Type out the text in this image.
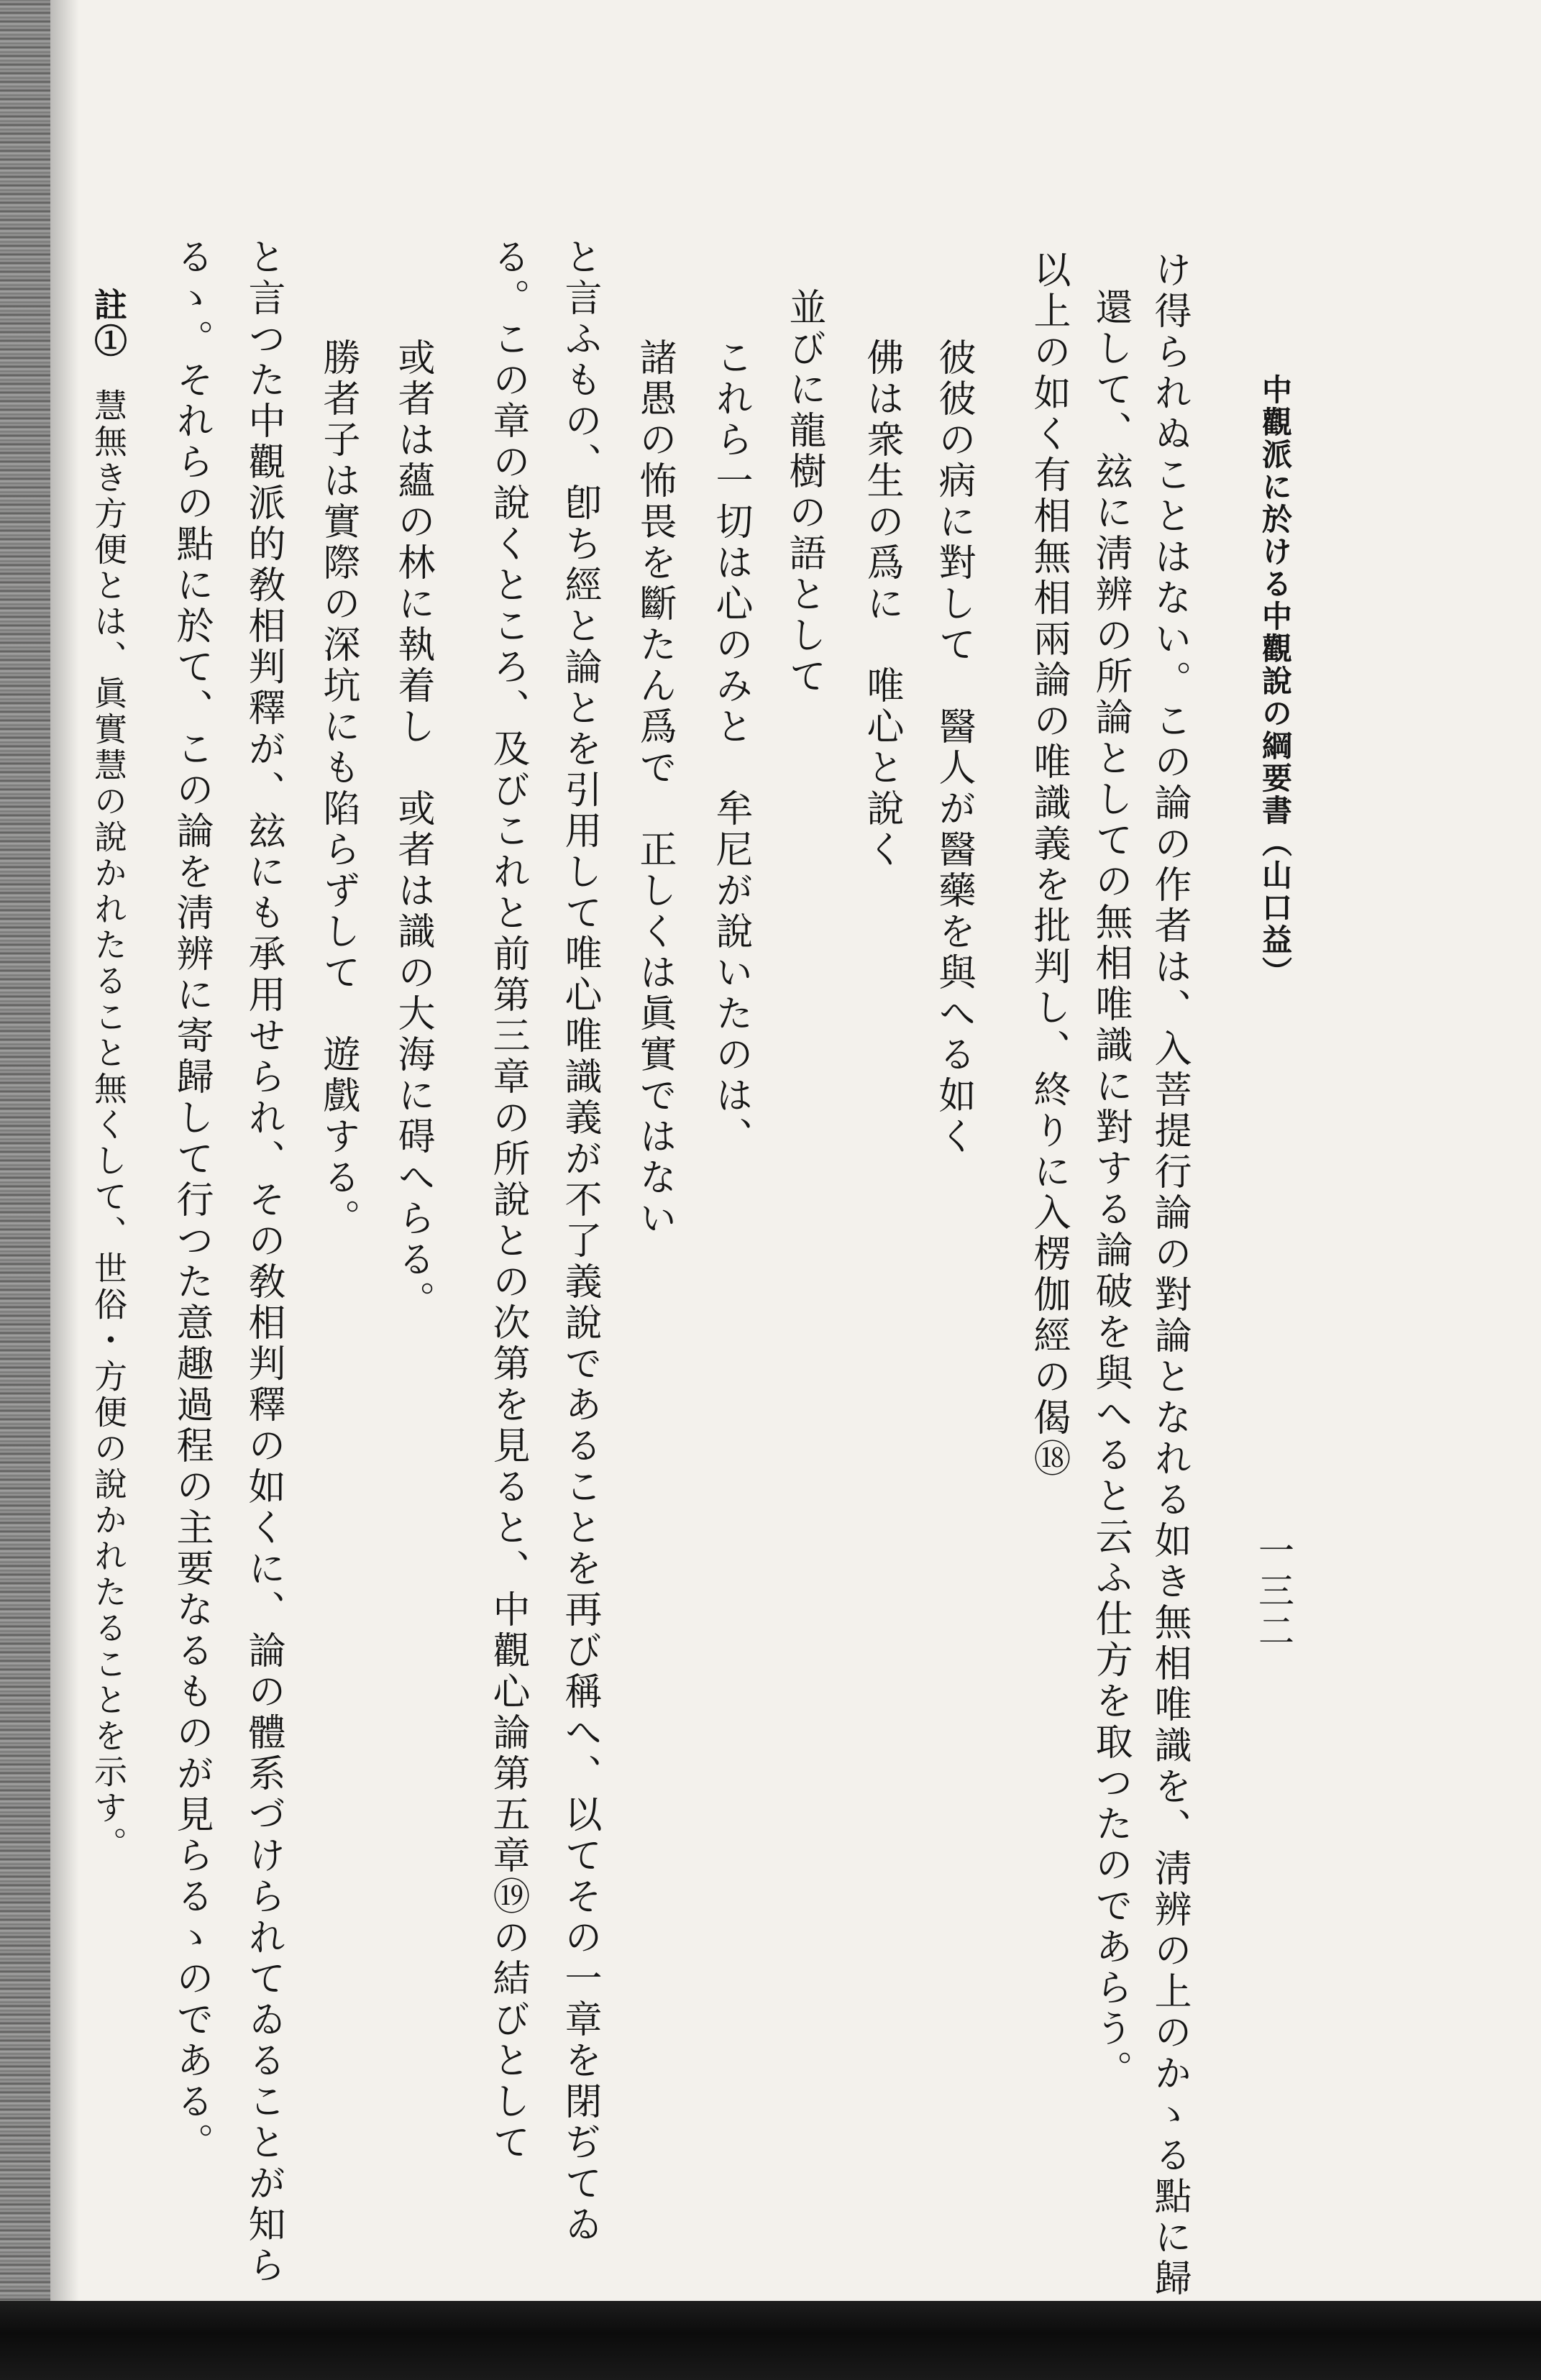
中觀派に於ける中觀說の綱要書（山口益）
一三二
け得られぬことはない。この論の作者は、入菩提行論の對論となれる如き無相唯識を、淸辨の上のかゝる點に歸
還して、玆に淸辨の所論としての無相唯識に對する論破を與へると云ふ仕方を取つたのであらう。
以上の如く有相無相兩論の唯識義を批判し、終りに入楞伽經の偈⑱
彼彼の病に對して　醫人が醫藥を與へる如く
佛は衆生の爲に　唯心と說く
並びに龍樹の語として
これら一切は心のみと　牟尼が說いたのは、
諸愚の怖畏を斷たん爲で　正しくは眞實ではない
と言ふもの、卽ち經と論とを引用して唯心唯識義が不了義說であることを再び稱へ、以てその一章を閉ぢてゐ
る。この章の說くところ、及びこれと前第三章の所說との次第を見ると、中觀心論第五章⑲の結びとして
或者は蘊の林に執着し　或者は識の大海に碍へらる。
勝者子は實際の深坑にも陷らずして　遊戲する。
と言つた中觀派的敎相判釋が、玆にも承用せられ、その敎相判釋の如くに、論の體系づけられてゐることが知ら
るゝ。それらの點に於て、この論を淸辨に寄歸して行つた意趣過程の主要なるものが見らるゝのである。
註①
慧無き方便とは、眞實慧の說かれたること無くして、世俗・方便の說かれたることを示す。
